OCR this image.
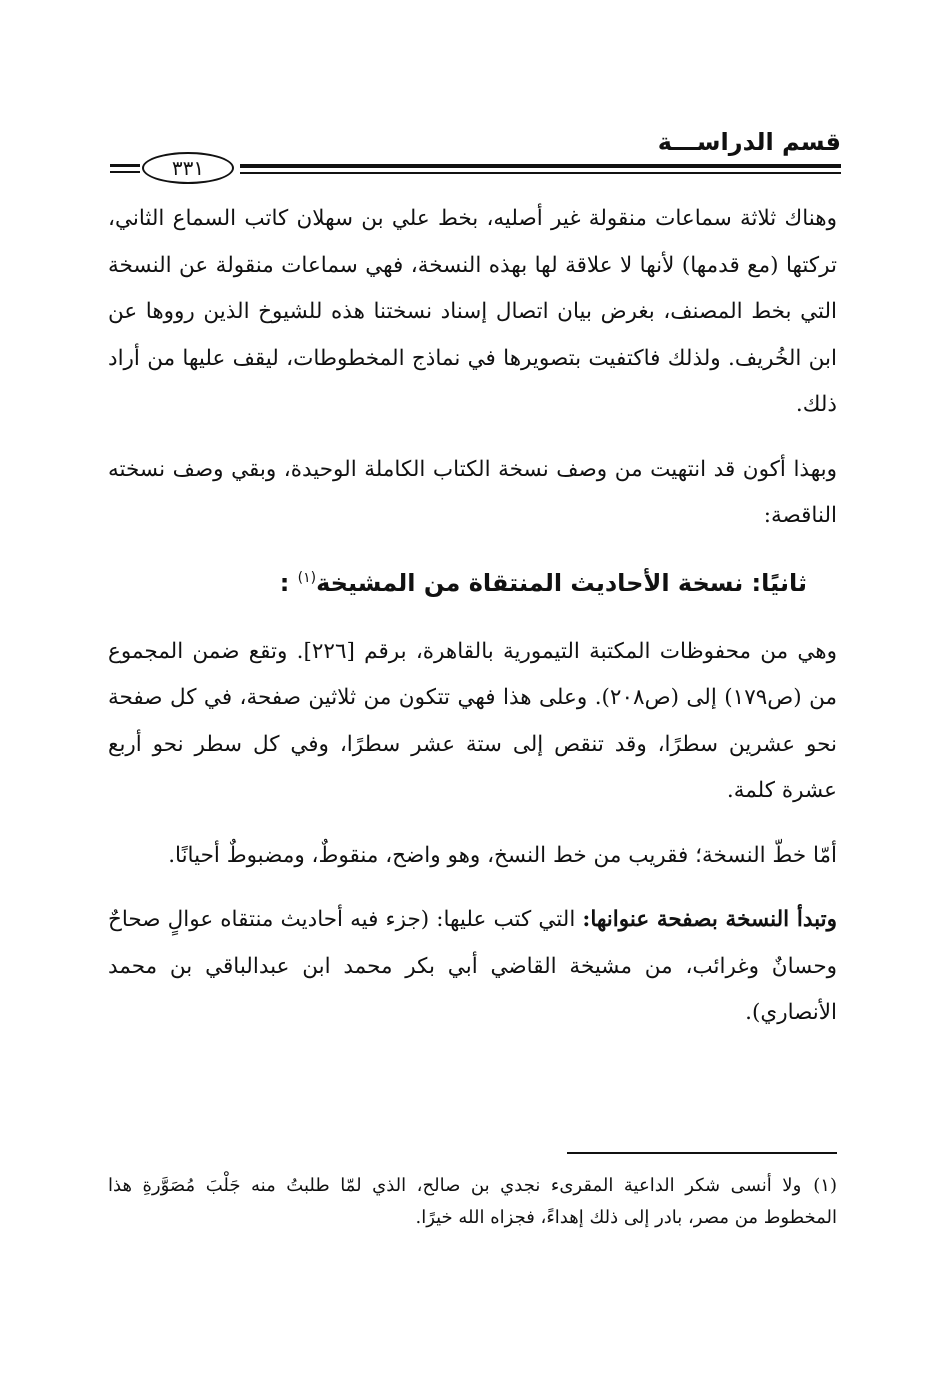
قسم الدراســـة
٣٣١

وهناك ثلاثة سماعات منقولة غير أصليه، بخط علي بن سهلان كاتب السماع الثاني، تركتها (مع قدمها) لأنها لا علاقة لها بهذه النسخة، فهي سماعات منقولة عن النسخة التي بخط المصنف، بغرض بيان اتصال إسناد نسختنا هذه للشيوخ الذين رووها عن ابن الخُريف. ولذلك فاكتفيت بتصويرها في نماذج المخطوطات، ليقف عليها من أراد ذلك.

وبهذا أكون قد انتهيت من وصف نسخة الكتاب الكاملة الوحيدة، وبقي وصف نسخته الناقصة:

ثانيًا: نسخة الأحاديث المنتقاة من المشيخة$^{(١)}$ :

وهي من محفوظات المكتبة التيمورية بالقاهرة، برقم [٢٢٦]. وتقع ضمن المجموع من (ص١٧٩) إلى (ص٢٠٨). وعلى هذا فهي تتكون من ثلاثين صفحة، في كل صفحة نحو عشرين سطرًا، وقد تنقص إلى ستة عشر سطرًا، وفي كل سطر نحو أربع عشرة كلمة.

أمّا خطّ النسخة؛ فقريب من خط النسخ، وهو واضح، منقوطٌ، ومضبوطٌ أحيانًا.

وتبدأ النسخة بصفحة عنوانها: التي كتب عليها: (جزء فيه أحاديث منتقاه عوالٍ صحاحٌ وحسانٌ وغرائب، من مشيخة القاضي أبي بكر محمد ابن عبدالباقي بن محمد الأنصاري).

(١)ولا أنسى شكر الداعية المقرىء نجدي بن صالح، الذي لمّا طلبتُ منه جَلْبَ مُصَوَّرةِ هذا المخطوط من مصر، بادر إلى ذلك إهداءً، فجزاه الله خيرًا.
